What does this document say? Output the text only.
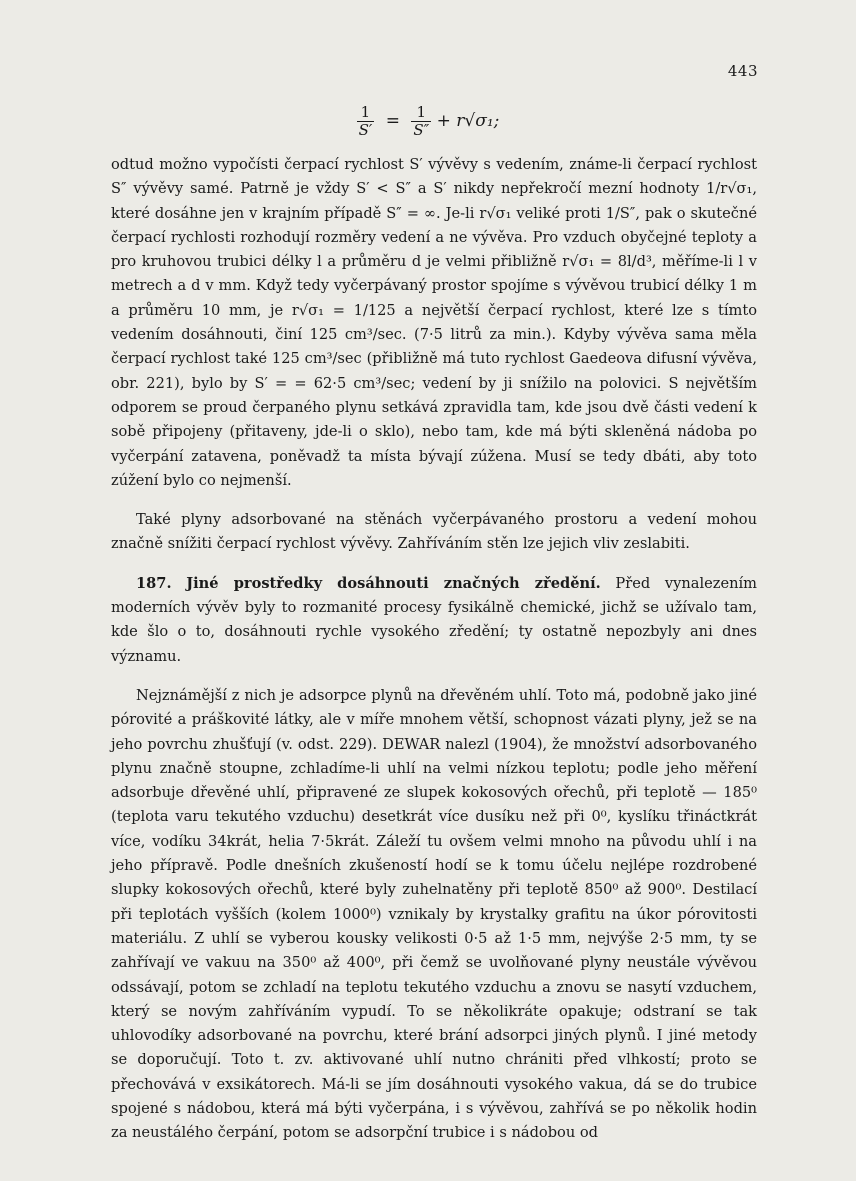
443
$\frac{1}{S'} = \frac{1}{S''} + r√\sigma_1$;

odtud možno vypočísti čerpací rychlost S′ vývěvy s vedením, známe-li čerpací rychlost S″ vývěvy samé. Patrně je vždy S′ < S″ a S′ nikdy nepřekročí mezní hodnoty 1/r√σ₁, které dosáhne jen v krajním případě S″ = ∞. Je-li r√σ₁ veliké proti 1/S″, pak o skutečné čerpací rychlosti rozhodují rozměry vedení a ne vývěva. Pro vzduch obyčejné teploty a pro kruhovou trubici délky l a průměru d je velmi přibližně r√σ₁ = 8l/d³, měříme-li l v metrech a d v mm. Když tedy vyčerpávaný prostor spojíme s vývěvou trubicí délky 1 m a průměru 10 mm, je r√σ₁ = 1/125 a největší čerpací rychlost, které lze s tímto vedením dosáhnouti, činí 125 cm³/sec. (7·5 litrů za min.). Kdyby vývěva sama měla čerpací rychlost také 125 cm³/sec (přibližně má tuto rychlost Gaedeova difusní vývěva, obr. 221), bylo by S′ = = 62·5 cm³/sec; vedení by ji snížilo na polovici. S největším odporem se proud čerpaného plynu setkává zpravidla tam, kde jsou dvě části vedení k sobě připojeny (přitaveny, jde-li o sklo), nebo tam, kde má býti skleněná nádoba po vyčerpání zatavena, poněvadž ta místa bývají zúžena. Musí se tedy dbáti, aby toto zúžení bylo co nejmenší.

Také plyny adsorbované na stěnách vyčerpávaného prostoru a vedení mohou značně snížiti čerpací rychlost vývěvy. Zahříváním stěn lze jejich vliv zeslabiti.

187. Jiné prostředky dosáhnouti značných zředění. Před vynalezením moderních vývěv byly to rozmanité procesy fysikálně chemické, jichž se užívalo tam, kde šlo o to, dosáhnouti rychle vysokého zředění; ty ostatně nepozbyly ani dnes významu.

Nejznámější z nich je adsorpce plynů na dřevěném uhlí. Toto má, podobně jako jiné pórovité a práškovité látky, ale v míře mnohem větší, schopnost vázati plyny, jež se na jeho povrchu zhušťují (v. odst. 229). DEWAR nalezl (1904), že množství adsorbovaného plynu značně stoupne, zchladíme-li uhlí na velmi nízkou teplotu; podle jeho měření adsorbuje dřevěné uhlí, připravené ze slupek kokosových ořechů, při teplotě — 185⁰ (teplota varu tekutého vzduchu) desetkrát více dusíku než při 0⁰, kyslíku třináctkrát více, vodíku 34krát, helia 7·5krát. Záleží tu ovšem velmi mnoho na původu uhlí i na jeho přípravě. Podle dnešních zkušeností hodí se k tomu účelu nejlépe rozdrobené slupky kokosových ořechů, které byly zuhelnatěny při teplotě 850⁰ až 900⁰. Destilací při teplotách vyšších (kolem 1000⁰) vznikaly by krystalky grafitu na úkor pórovitosti materiálu. Z uhlí se vyberou kousky velikosti 0·5 až 1·5 mm, nejvýše 2·5 mm, ty se zahřívají ve vakuu na 350⁰ až 400⁰, při čemž se uvolňované plyny neustále vývěvou odssávají, potom se zchladí na teplotu tekutého vzduchu a znovu se nasytí vzduchem, který se novým zahříváním vypudí. To se několikráte opakuje; odstraní se tak uhlovodíky adsorbované na povrchu, které brání adsorpci jiných plynů. I jiné metody se doporučují. Toto t. zv. aktivované uhlí nutno chrániti před vlhkostí; proto se přechovává v exsikátorech. Má-li se jím dosáhnouti vysokého vakua, dá se do trubice spojené s nádobou, která má býti vyčerpána, i s vývěvou, zahřívá se po několik hodin za neustálého čerpání, potom se adsorpční trubice i s nádobou od
